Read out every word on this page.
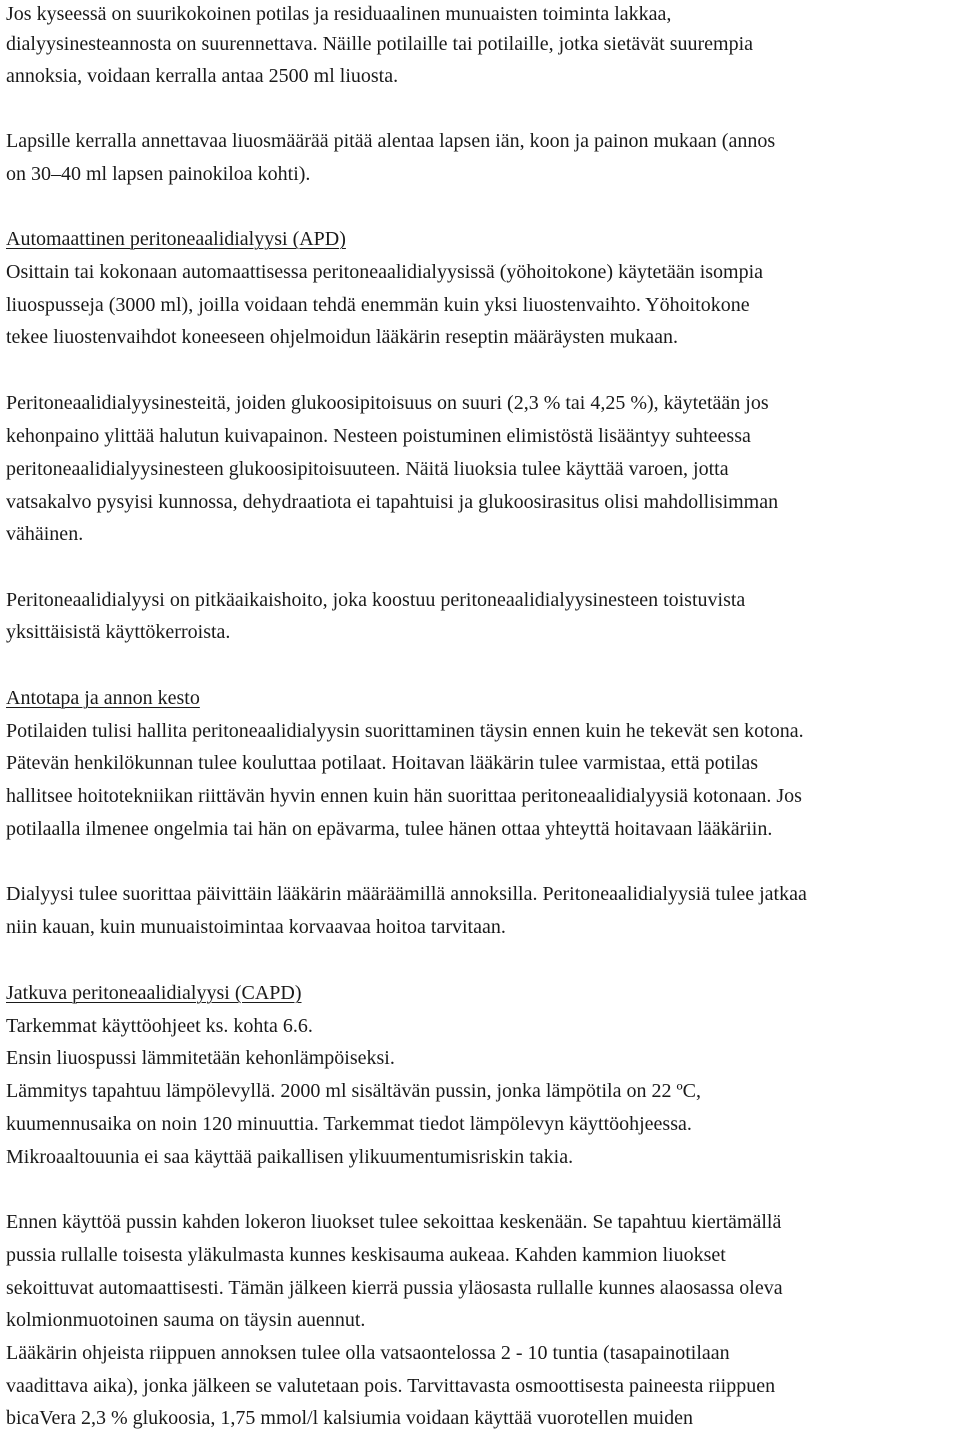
Jos kyseessä on suurikokoinen potilas ja residuaalinen munuaisten toiminta lakkaa,
dialyysinesteannosta on suurennettava. Näille potilaille tai potilaille, jotka sietävät suurempia
annoksia, voidaan kerralla antaa 2500 ml liuosta.
Lapsille kerralla annettavaa liuosmäärää pitää alentaa lapsen iän, koon ja painon mukaan (annos
on 30–40 ml lapsen painokiloa kohti).
Automaattinen peritoneaalidialyysi (APD)
Osittain tai kokonaan automaattisessa peritoneaalidialyysissä (yöhoitokone) käytetään isompia
liuospusseja (3000 ml), joilla voidaan tehdä enemmän kuin yksi liuostenvaihto. Yöhoitokone
tekee liuostenvaihdot koneeseen ohjelmoidun lääkärin reseptin määräysten mukaan.
Peritoneaalidialyysinesteitä, joiden glukoosipitoisuus on suuri (2,3 % tai 4,25 %), käytetään jos
kehonpaino ylittää halutun kuivapainon. Nesteen poistuminen elimistöstä lisääntyy suhteessa
peritoneaalidialyysinesteen glukoosipitoisuuteen. Näitä liuoksia tulee käyttää varoen, jotta
vatsakalvo pysyisi kunnossa, dehydraatiota ei tapahtuisi ja glukoosirasitus olisi mahdollisimman
vähäinen.
Peritoneaalidialyysi on pitkäaikaishoito, joka koostuu peritoneaalidialyysinesteen toistuvista
yksittäisistä käyttökerroista.
Antotapa ja annon kesto
Potilaiden tulisi hallita peritoneaalidialyysin suorittaminen täysin ennen kuin he tekevät sen kotona.
Pätevän henkilökunnan tulee kouluttaa potilaat. Hoitavan lääkärin tulee varmistaa, että potilas
hallitsee hoitotekniikan riittävän hyvin ennen kuin hän suorittaa peritoneaalidialyysiä kotonaan. Jos
potilaalla ilmenee ongelmia tai hän on epävarma, tulee hänen ottaa yhteyttä hoitavaan lääkäriin.
Dialyysi tulee suorittaa päivittäin lääkärin määräämillä annoksilla. Peritoneaalidialyysiä tulee jatkaa
niin kauan, kuin munuaistoimintaa korvaavaa hoitoa tarvitaan.
Jatkuva peritoneaalidialyysi (CAPD)
Tarkemmat käyttöohjeet ks. kohta 6.6.
Ensin liuospussi lämmitetään kehonlämpöiseksi.
Lämmitys tapahtuu lämpölevyllä. 2000 ml sisältävän pussin, jonka lämpötila on 22 ºC,
kuumennusaika on noin 120 minuuttia. Tarkemmat tiedot lämpölevyn käyttöohjeessa.
Mikroaaltouunia ei saa käyttää paikallisen ylikuumentumisriskin takia.
Ennen käyttöä pussin kahden lokeron liuokset tulee sekoittaa keskenään. Se tapahtuu kiertämällä
pussia rullalle toisesta yläkulmasta kunnes keskisauma aukeaa. Kahden kammion liuokset
sekoittuvat automaattisesti. Tämän jälkeen kierrä pussia yläosasta rullalle kunnes alaosassa oleva
kolmionmuotoinen sauma on täysin auennut.
Lääkärin ohjeista riippuen annoksen tulee olla vatsaontelossa 2 - 10 tuntia (tasapainotilaan
vaadittava aika), jonka jälkeen se valutetaan pois. Tarvittavasta osmoottisesta paineesta riippuen
bicaVera 2,3 % glukoosia, 1,75 mmol/l kalsiumia voidaan käyttää vuorotellen muiden
